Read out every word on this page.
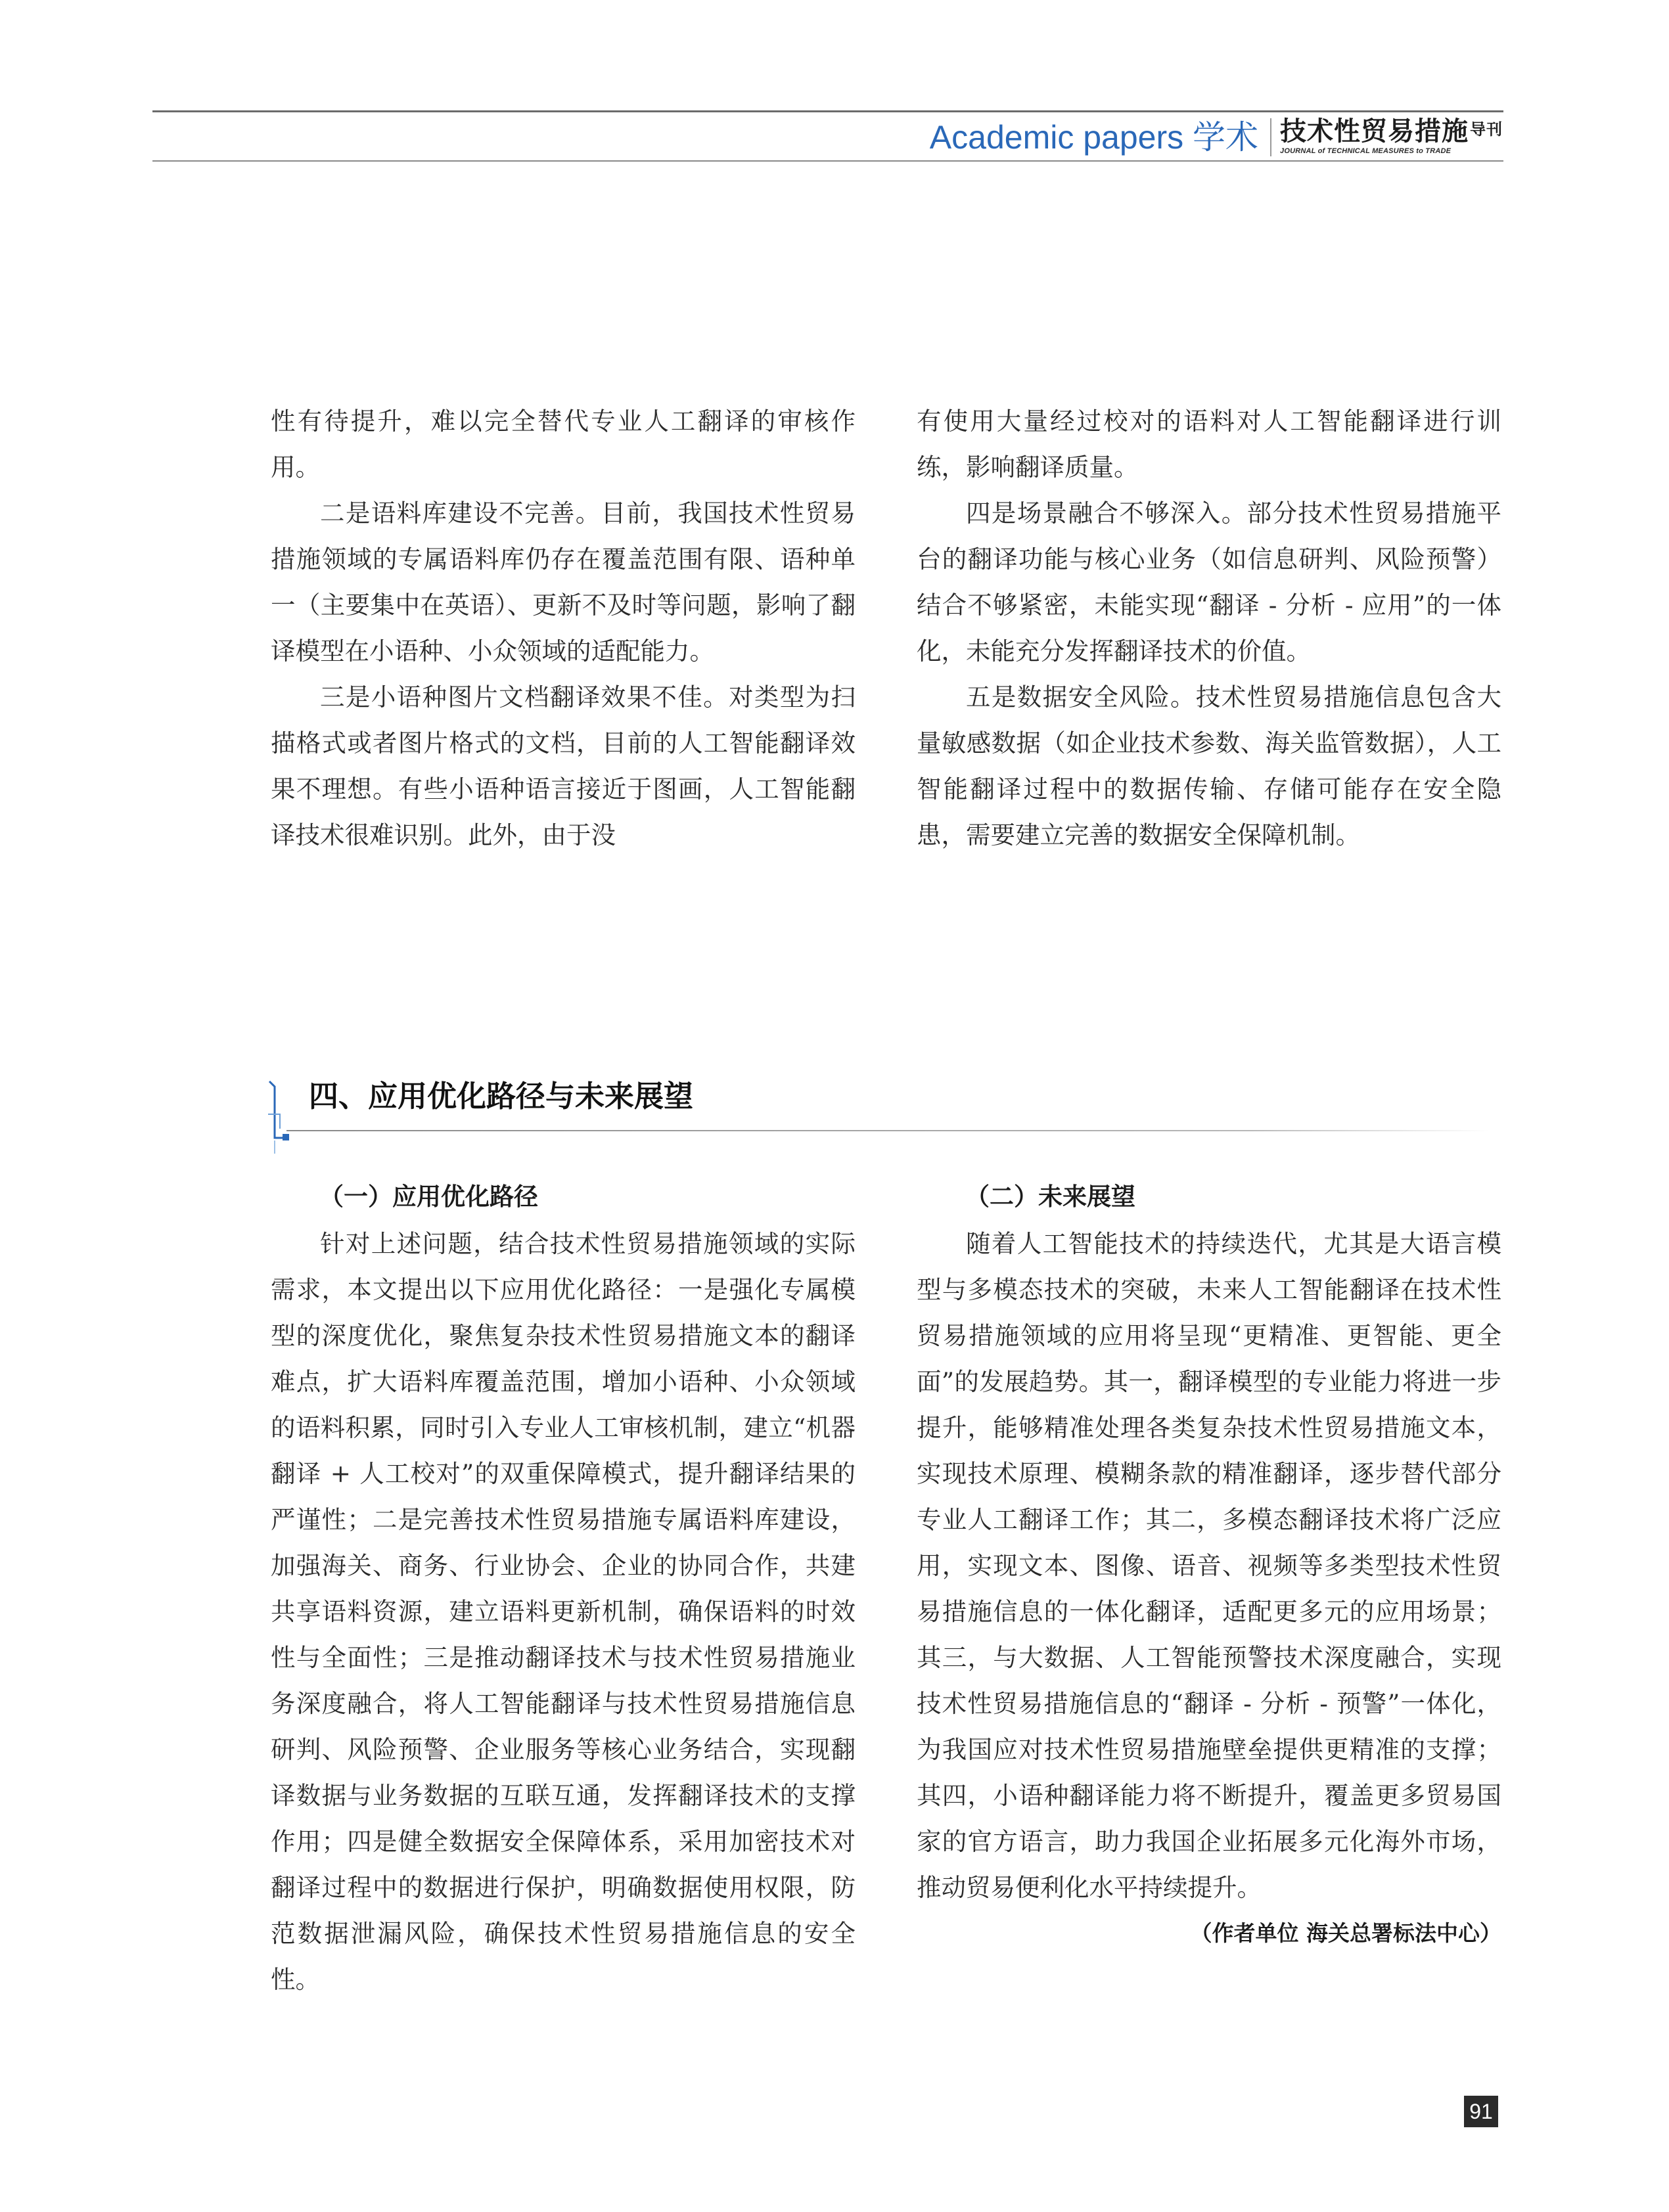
Academic papers 学术 技术性贸易措施$^{导刊}$
JOURNAL of TECHNICAL MEASURES to TRADE

性有待提升，难以完全替代专业人工翻译的审核作用。

二是语料库建设不完善。目前，我国技术性贸易措施领域的专属语料库仍存在覆盖范围有限、语种单一（主要集中在英语）、更新不及时等问题，影响了翻译模型在小语种、小众领域的适配能力。

三是小语种图片文档翻译效果不佳。对类型为扫描格式或者图片格式的文档，目前的人工智能翻译效果不理想。有些小语种语言接近于图画，人工智能翻译技术很难识别。此外，由于没

有使用大量经过校对的语料对人工智能翻译进行训练，影响翻译质量。

四是场景融合不够深入。部分技术性贸易措施平台的翻译功能与核心业务（如信息研判、风险预警）结合不够紧密，未能实现“翻译 - 分析 - 应用”的一体化，未能充分发挥翻译技术的价值。

五是数据安全风险。技术性贸易措施信息包含大量敏感数据（如企业技术参数、海关监管数据），人工智能翻译过程中的数据传输、存储可能存在安全隐患，需要建立完善的数据安全保障机制。

四、应用优化路径与未来展望

（一）应用优化路径

针对上述问题，结合技术性贸易措施领域的实际需求，本文提出以下应用优化路径：一是强化专属模型的深度优化，聚焦复杂技术性贸易措施文本的翻译难点，扩大语料库覆盖范围，增加小语种、小众领域的语料积累，同时引入专业人工审核机制，建立“机器翻译 + 人工校对”的双重保障模式，提升翻译结果的严谨性；二是完善技术性贸易措施专属语料库建设，加强海关、商务、行业协会、企业的协同合作，共建共享语料资源，建立语料更新机制，确保语料的时效性与全面性；三是推动翻译技术与技术性贸易措施业务深度融合，将人工智能翻译与技术性贸易措施信息研判、风险预警、企业服务等核心业务结合，实现翻译数据与业务数据的互联互通，发挥翻译技术的支撑作用；四是健全数据安全保障体系，采用加密技术对翻译过程中的数据进行保护，明确数据使用权限，防范数据泄漏风险，确保技术性贸易措施信息的安全性。

（二）未来展望

随着人工智能技术的持续迭代，尤其是大语言模型与多模态技术的突破，未来人工智能翻译在技术性贸易措施领域的应用将呈现“更精准、更智能、更全面”的发展趋势。其一，翻译模型的专业能力将进一步提升，能够精准处理各类复杂技术性贸易措施文本，实现技术原理、模糊条款的精准翻译，逐步替代部分专业人工翻译工作；其二，多模态翻译技术将广泛应用，实现文本、图像、语音、视频等多类型技术性贸易措施信息的一体化翻译，适配更多元的应用场景；其三，与大数据、人工智能预警技术深度融合，实现技术性贸易措施信息的“翻译 - 分析 - 预警”一体化，为我国应对技术性贸易措施壁垒提供更精准的支撑；其四，小语种翻译能力将不断提升，覆盖更多贸易国家的官方语言，助力我国企业拓展多元化海外市场，推动贸易便利化水平持续提升。

（作者单位 海关总署标法中心）

91
